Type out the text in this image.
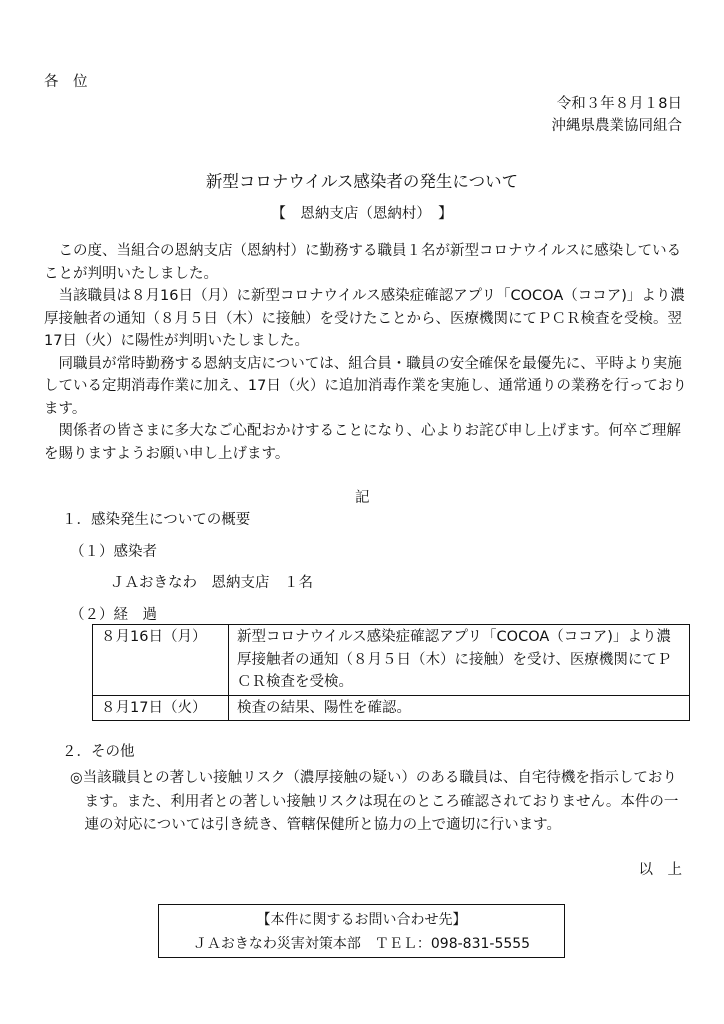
各　位
令和３年８月１8日
沖縄県農業協同組合
新型コロナウイルス感染者の発生について
【　恩納支店（恩納村）　】

この度、当組合の恩納支店（恩納村）に勤務する職員１名が新型コロナウイルスに感染していることが判明いたしました。

当該職員は８月16日（月）に新型コロナウイルス感染症確認アプリ「COCOA（ココア)」より濃厚接触者の通知（８月５日（木）に接触）を受けたことから、医療機関にてＰＣＲ検査を受検。翌17日（火）に陽性が判明いたしました。

同職員が常時勤務する恩納支店については、組合員・職員の安全確保を最優先に、平時より実施している定期消毒作業に加え、17日（火）に追加消毒作業を実施し、通常通りの業務を行っております。

関係者の皆さまに多大なご心配おかけすることになり、心よりお詫び申し上げます。何卒ご理解を賜りますようお願い申し上げます。

記
１．感染発生についての概要
（１）感染者
ＪＡおきなわ　恩納支店　１名
（２）経　過
８月16日（月）	新型コロナウイルス感染症確認アプリ「COCOA（ココア)」より濃厚接触者の通知（８月５日（木）に接触）を受け、医療機関にてＰＣＲ検査を受検。
８月17日（火）	検査の結果、陽性を確認。
２．その他
◎当該職員との著しい接触リスク（濃厚接触の疑い）のある職員は、自宅待機を指示しております。また、利用者との著しい接触リスクは現在のところ確認されておりません。本件の一連の対応については引き続き、管轄保健所と協力の上で適切に行います。
以　上
【本件に関するお問い合わせ先】
ＪＡおきなわ災害対策本部　ＴＥＬ：098-831-5555
